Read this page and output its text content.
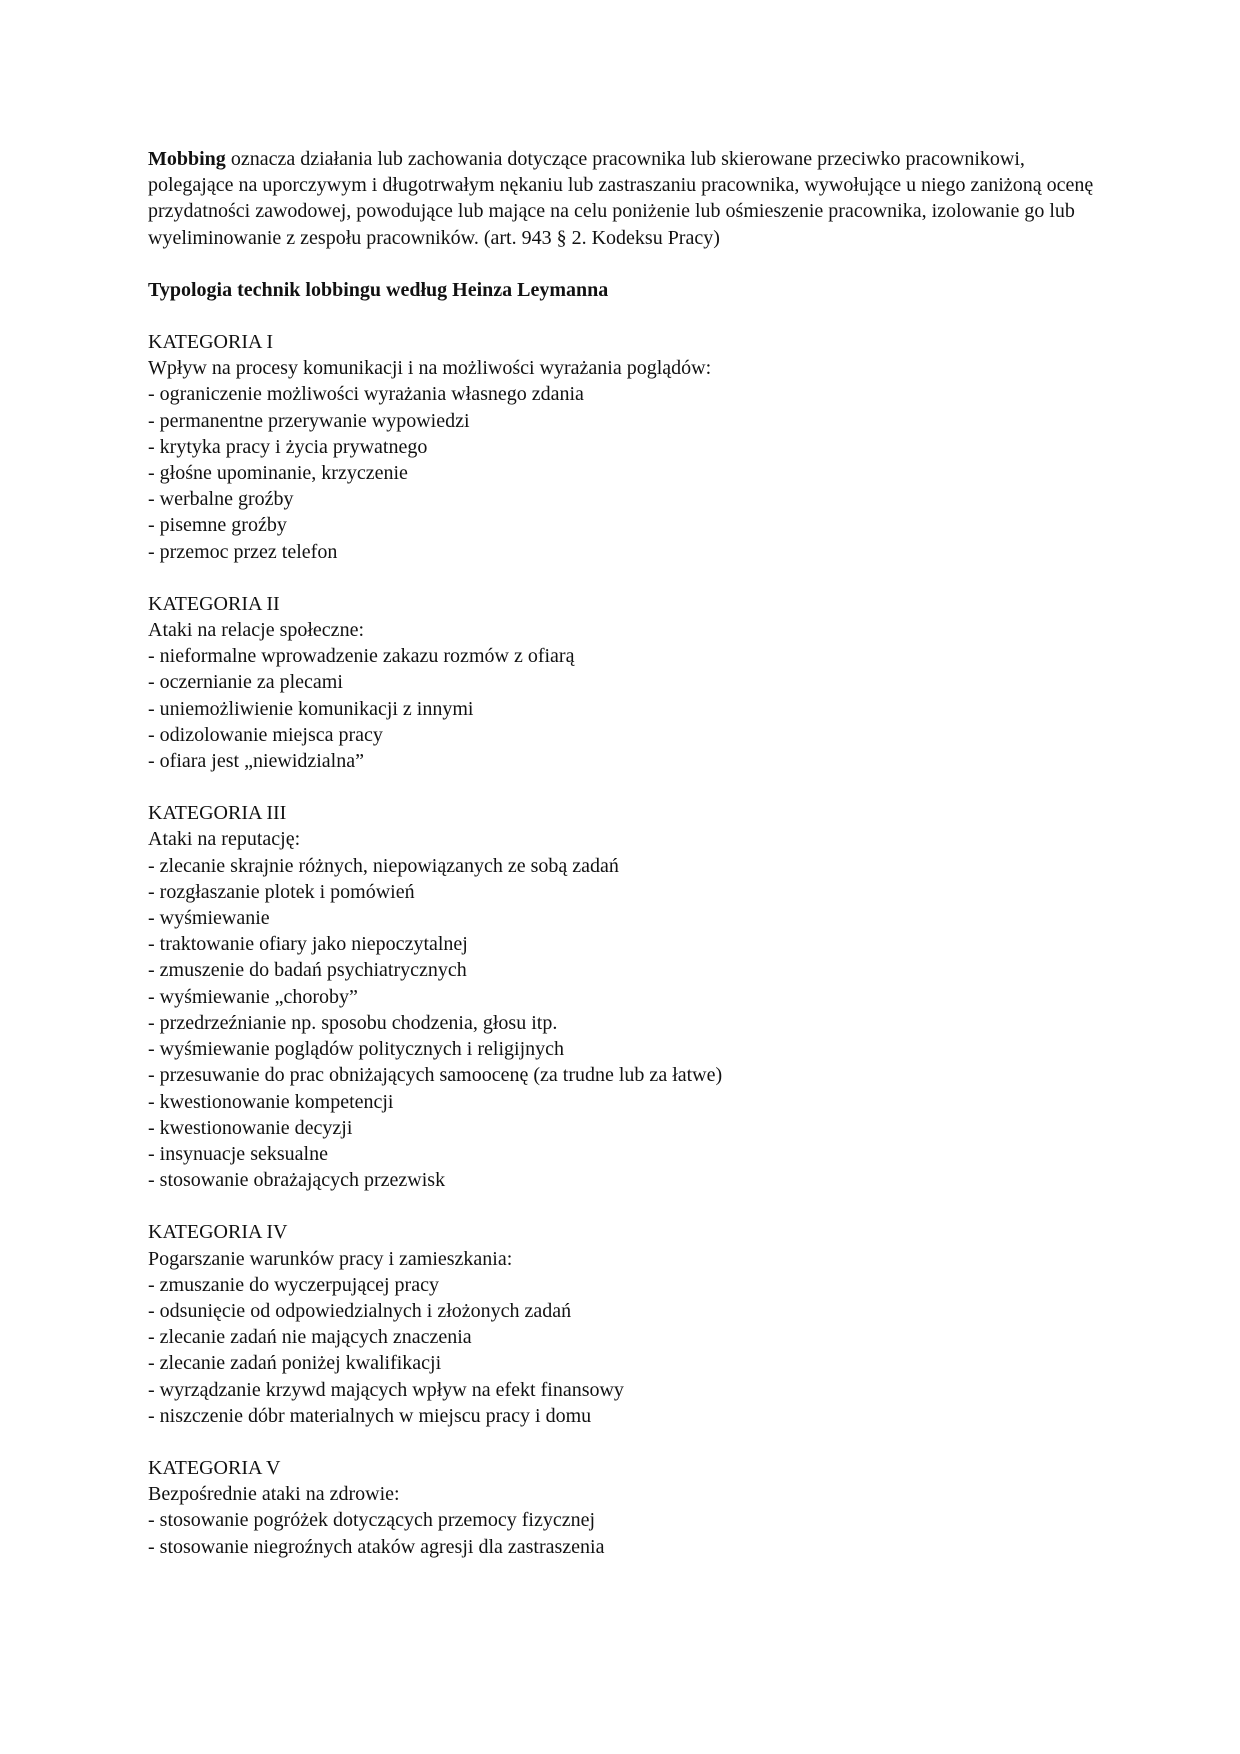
Mobbing oznacza działania lub zachowania dotyczące pracownika lub skierowane przeciwko pracownikowi, polegające na uporczywym i długotrwałym nękaniu lub zastraszaniu pracownika, wywołujące u niego zaniżoną ocenę przydatności zawodowej, powodujące lub mające na celu poniżenie lub ośmieszenie pracownika, izolowanie go lub wyeliminowanie z zespołu pracowników. (art. 943 § 2. Kodeksu Pracy)

Typologia technik lobbingu według Heinza Leymanna

KATEGORIA I
Wpływ na procesy komunikacji i na możliwości wyrażania poglądów:
- ograniczenie możliwości wyrażania własnego zdania
- permanentne przerywanie wypowiedzi
- krytyka pracy i życia prywatnego
- głośne upominanie, krzyczenie
- werbalne groźby
- pisemne groźby
- przemoc przez telefon
KATEGORIA II
Ataki na relacje społeczne:
- nieformalne wprowadzenie zakazu rozmów z ofiarą
- oczernianie za plecami
- uniemożliwienie komunikacji z innymi
- odizolowanie miejsca pracy
- ofiara jest „niewidzialna”
KATEGORIA III
Ataki na reputację:
- zlecanie skrajnie różnych, niepowiązanych ze sobą zadań
- rozgłaszanie plotek i pomówień
- wyśmiewanie
- traktowanie ofiary jako niepoczytalnej
- zmuszenie do badań psychiatrycznych
- wyśmiewanie „choroby”
- przedrzeźnianie np. sposobu chodzenia, głosu itp.
- wyśmiewanie poglądów politycznych i religijnych
- przesuwanie do prac obniżających samoocenę (za trudne lub za łatwe)
- kwestionowanie kompetencji
- kwestionowanie decyzji
- insynuacje seksualne
- stosowanie obrażających przezwisk
KATEGORIA IV
Pogarszanie warunków pracy i zamieszkania:
- zmuszanie do wyczerpującej pracy
- odsunięcie od odpowiedzialnych i złożonych zadań
- zlecanie zadań nie mających znaczenia
- zlecanie zadań poniżej kwalifikacji
- wyrządzanie krzywd mających wpływ na efekt finansowy
- niszczenie dóbr materialnych w miejscu pracy i domu
KATEGORIA V
Bezpośrednie ataki na zdrowie:
- stosowanie pogróżek dotyczących przemocy fizycznej
- stosowanie niegroźnych ataków agresji dla zastraszenia
